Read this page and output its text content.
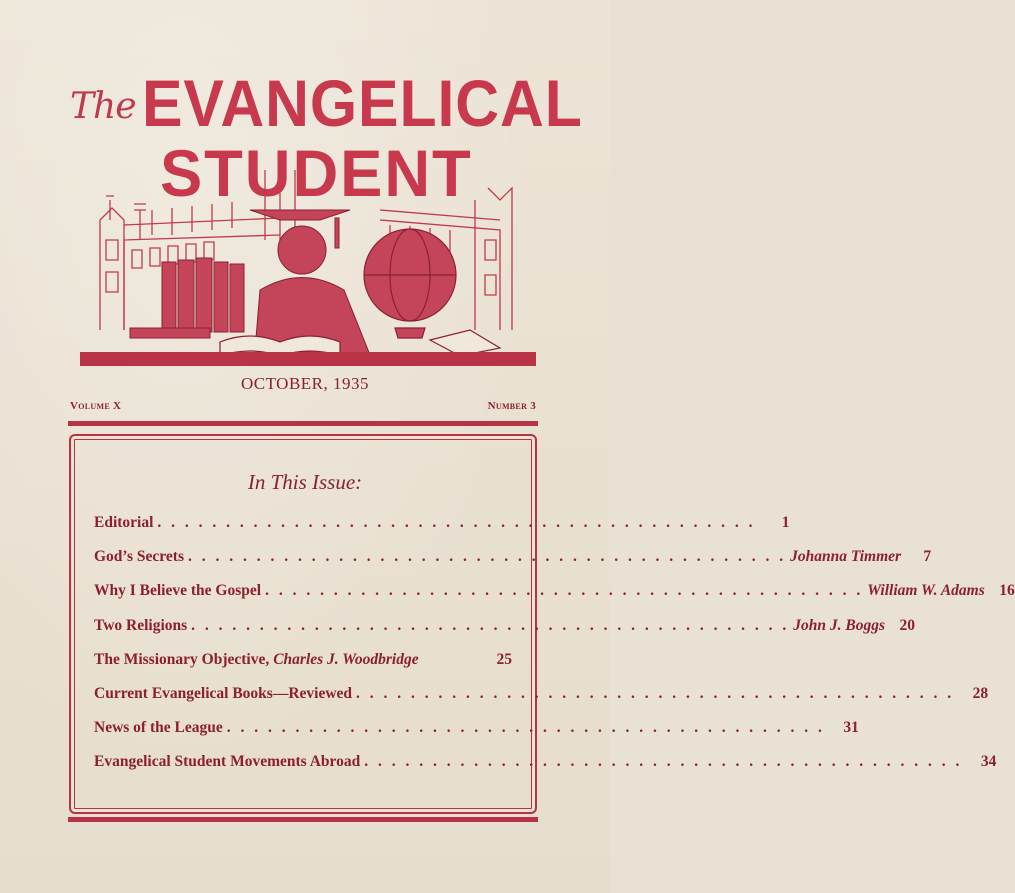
The EVANGELICAL
STUDENT
OCTOBER, 1935
Volume X	Number 3
In This Issue:
Editorial . . . . . . . . . . . . . . . . . . . . . . . . . . . . . . . . . . . . . . . . . . . .	1
God’s Secrets . . . . . . . . . . . . . . . . . . . . . . . . . . . . . . . . . . . . . . . . . . . . Johanna Timmer	7
Why I Believe the Gospel . . . . . . . . . . . . . . . . . . . . . . . . . . . . . . . . . . . . . . . . . . . . William W. Adams 16
Two Religions . . . . . . . . . . . . . . . . . . . . . . . . . . . . . . . . . . . . . . . . . . . . John J. Boggs 20
The Missionary Objective, Charles J. Woodbridge	25
Current Evangelical Books—Reviewed . . . . . . . . . . . . . . . . . . . . . . . . . . . . . . . . . . . . . . . . . . . .	28
News of the League . . . . . . . . . . . . . . . . . . . . . . . . . . . . . . . . . . . . . . . . . . . .	31
Evangelical Student Movements Abroad . . . . . . . . . . . . . . . . . . . . . . . . . . . . . . . . . . . . . . . . . . . .	34
